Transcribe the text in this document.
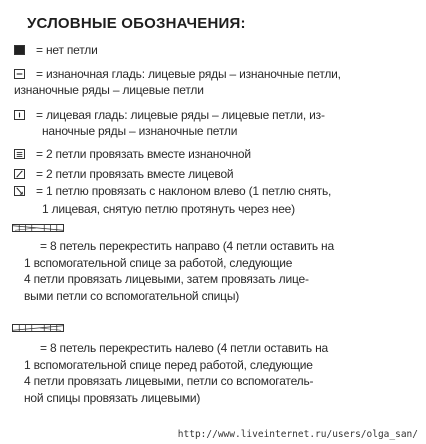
УСЛОВНЫЕ ОБОЗНАЧЕНИЯ:
= нет петли
= изнаночная гладь: лицевые ряды – изнаночные петли,
изнаночные ряды – лицевые петли
= лицевая гладь: лицевые ряды – лицевые петли, из-
наночные ряды – изнаночные петли
= 2 петли провязать вместе изнаночной
= 2 петли провязать вместе лицевой
= 1 петлю провязать с наклоном влево (1 петлю снять,
1 лицевая, снятую петлю протянуть через нее)
= 8 петель перекрестить направо (4 петли оставить на
1 вспомогательной спице за работой, следующие
4 петли провязать лицевыми, затем провязать лице-
выми петли со вспомогательной спицы)
= 8 петель перекрестить налево (4 петли оставить на
1 вспомогательной спице перед работой, следующие
4 петли провязать лицевыми, петли со вспомогатель-
ной спицы провязать лицевыми)
http://www.liveinternet.ru/users/olga_san/
